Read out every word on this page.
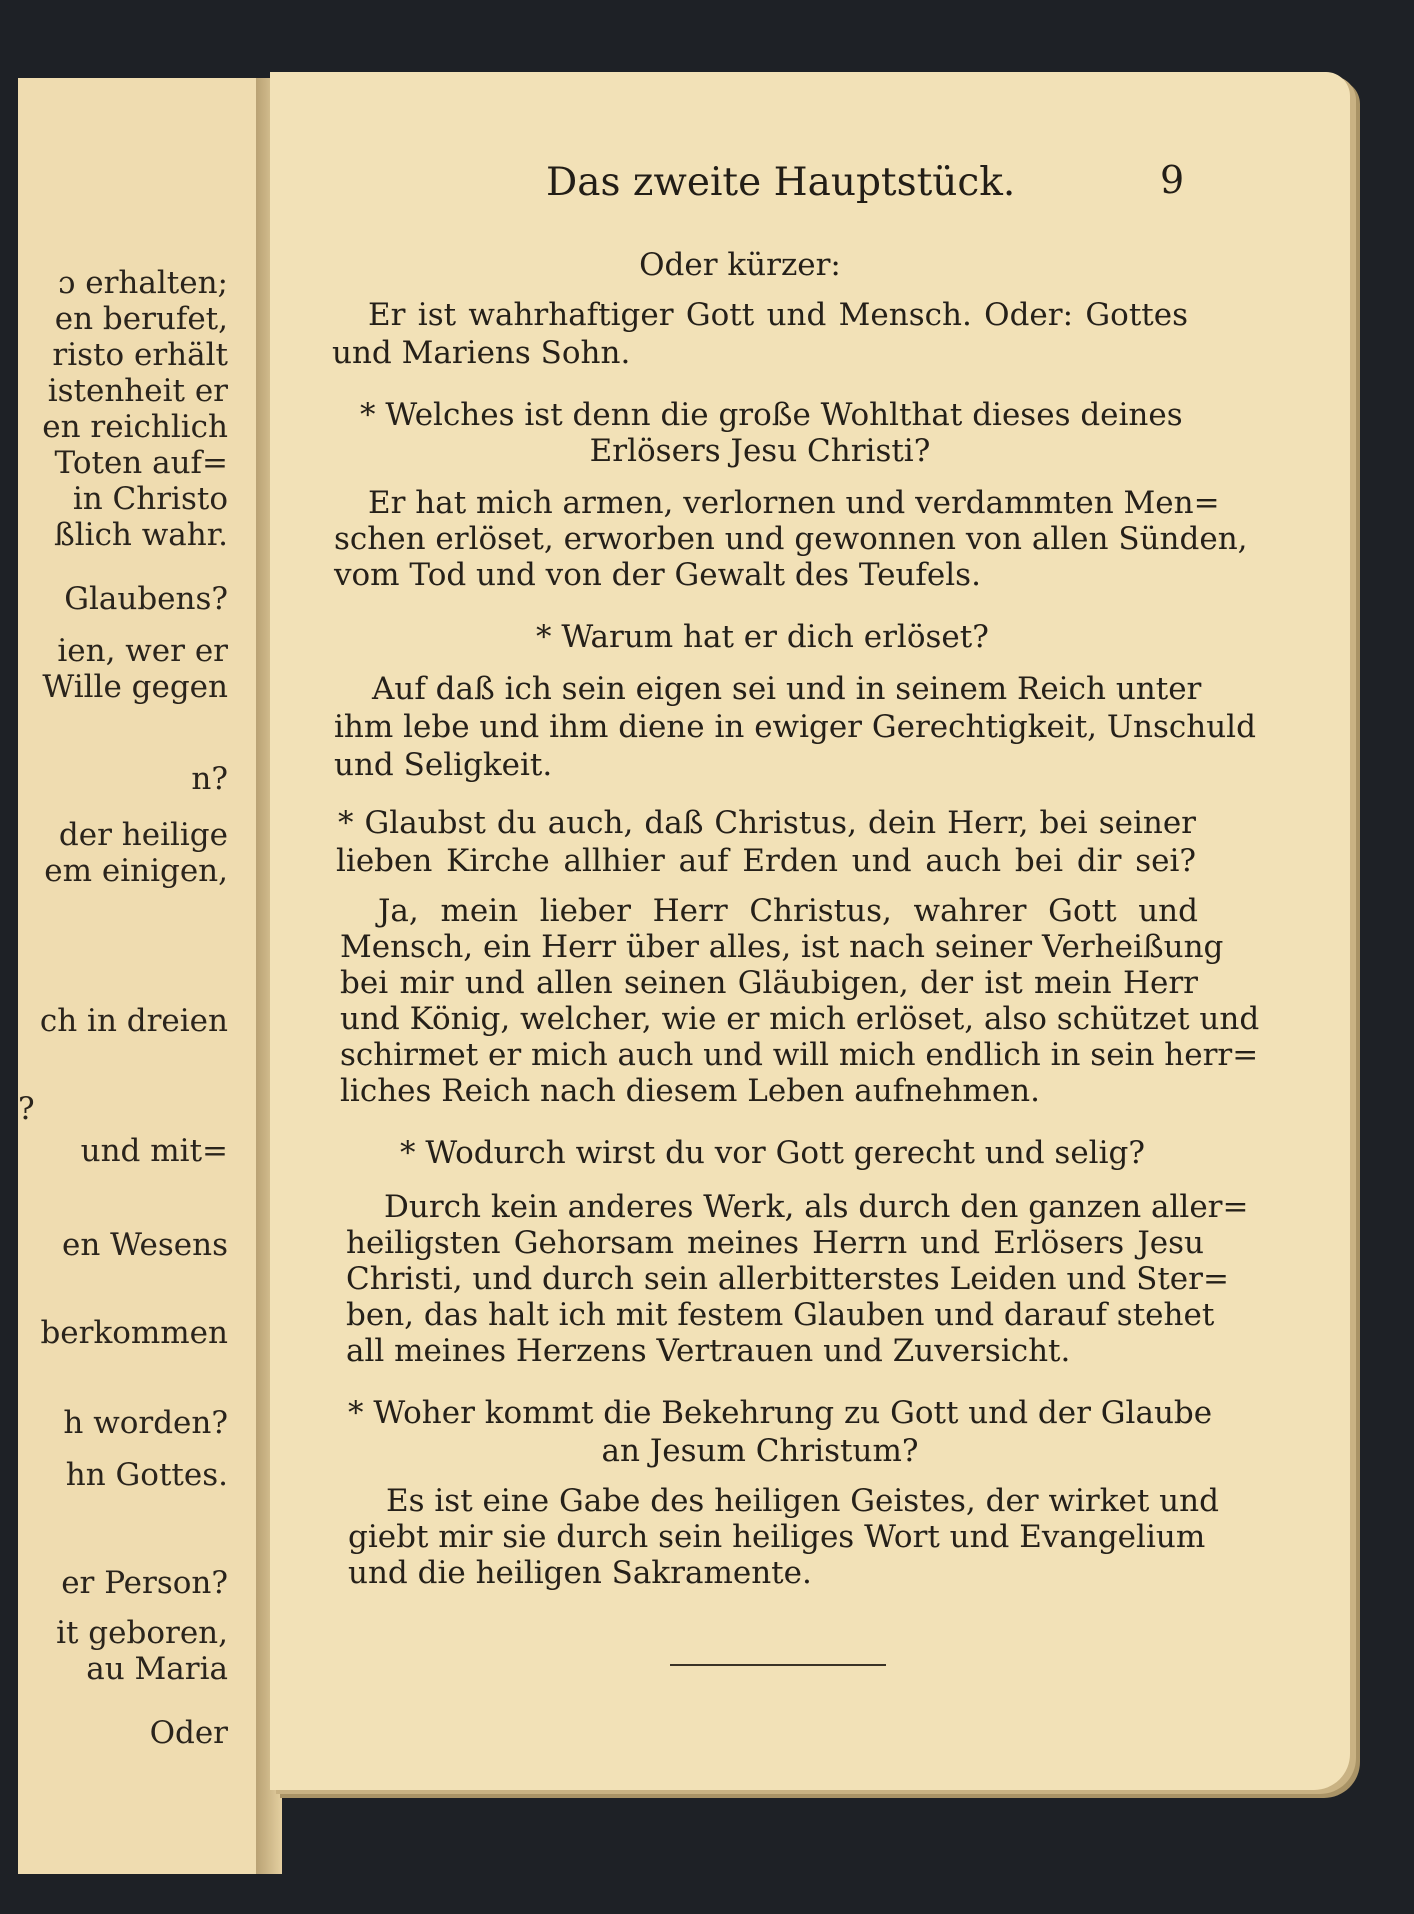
ɔ erhalten;
en berufet,
risto erhält
istenheit er
en reichlich
Toten auf=
in Christo
ßlich wahr.
Glaubens?
ien, wer er
Wille gegen
n?
der heilige
em einigen,
ch in dreien
?
und mit=
en Wesens
berkommen
h worden?
hn Gottes.
er Person?
it geboren,
au Maria
Oder
Das zweite Hauptstück.	9
Oder kürzer:
Er ist wahrhaftiger Gott und Mensch. Oder: Gottes
und Mariens Sohn.
* Welches ist denn die große Wohlthat dieses deines
Erlösers Jesu Christi?
Er hat mich armen, verlornen und verdammten Men=
schen erlöset, erworben und gewonnen von allen Sünden,
vom Tod und von der Gewalt des Teufels.
* Warum hat er dich erlöset?
Auf daß ich sein eigen sei und in seinem Reich unter
ihm lebe und ihm diene in ewiger Gerechtigkeit, Unschuld
und Seligkeit.
* Glaubst du auch, daß Christus, dein Herr, bei seiner
lieben Kirche allhier auf Erden und auch bei dir sei?
Ja, mein lieber Herr Christus, wahrer Gott und
Mensch, ein Herr über alles, ist nach seiner Verheißung
bei mir und allen seinen Gläubigen, der ist mein Herr
und König, welcher, wie er mich erlöset, also schützet und
schirmet er mich auch und will mich endlich in sein herr=
liches Reich nach diesem Leben aufnehmen.
* Wodurch wirst du vor Gott gerecht und selig?
Durch kein anderes Werk, als durch den ganzen aller=
heiligsten Gehorsam meines Herrn und Erlösers Jesu
Christi, und durch sein allerbitterstes Leiden und Ster=
ben, das halt ich mit festem Glauben und darauf stehet
all meines Herzens Vertrauen und Zuversicht.
* Woher kommt die Bekehrung zu Gott und der Glaube
an Jesum Christum?
Es ist eine Gabe des heiligen Geistes, der wirket und
giebt mir sie durch sein heiliges Wort und Evangelium
und die heiligen Sakramente.
